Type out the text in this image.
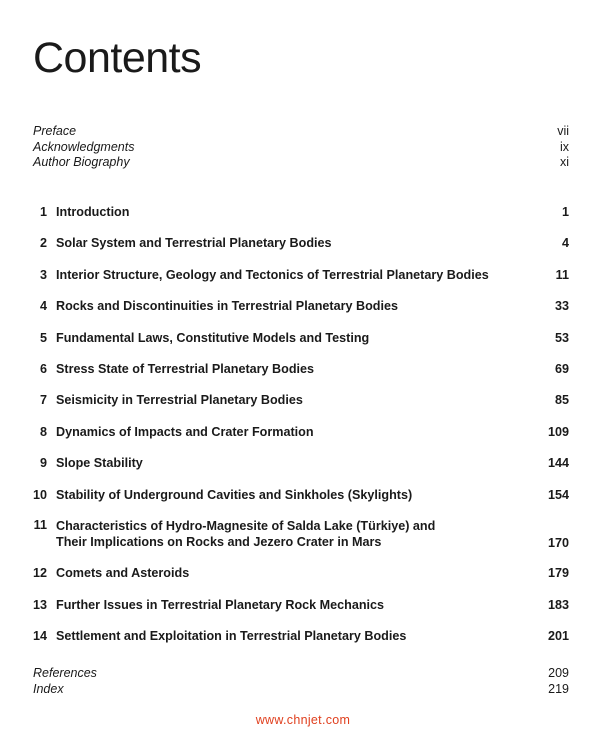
Contents
Preface	vii
Acknowledgments	ix
Author Biography	xi
1 Introduction	1
2 Solar System and Terrestrial Planetary Bodies	4
3 Interior Structure, Geology and Tectonics of Terrestrial Planetary Bodies	11
4 Rocks and Discontinuities in Terrestrial Planetary Bodies	33
5 Fundamental Laws, Constitutive Models and Testing	53
6 Stress State of Terrestrial Planetary Bodies	69
7 Seismicity in Terrestrial Planetary Bodies	85
8 Dynamics of Impacts and Crater Formation	109
9 Slope Stability	144
10 Stability of Underground Cavities and Sinkholes (Skylights)	154
11 Characteristics of Hydro-Magnesite of Salda Lake (Türkiye) and
Their Implications on Rocks and Jezero Crater in Mars	170
12 Comets and Asteroids	179
13 Further Issues in Terrestrial Planetary Rock Mechanics	183
14 Settlement and Exploitation in Terrestrial Planetary Bodies	201
References	209
Index	219
www.chnjet.com
